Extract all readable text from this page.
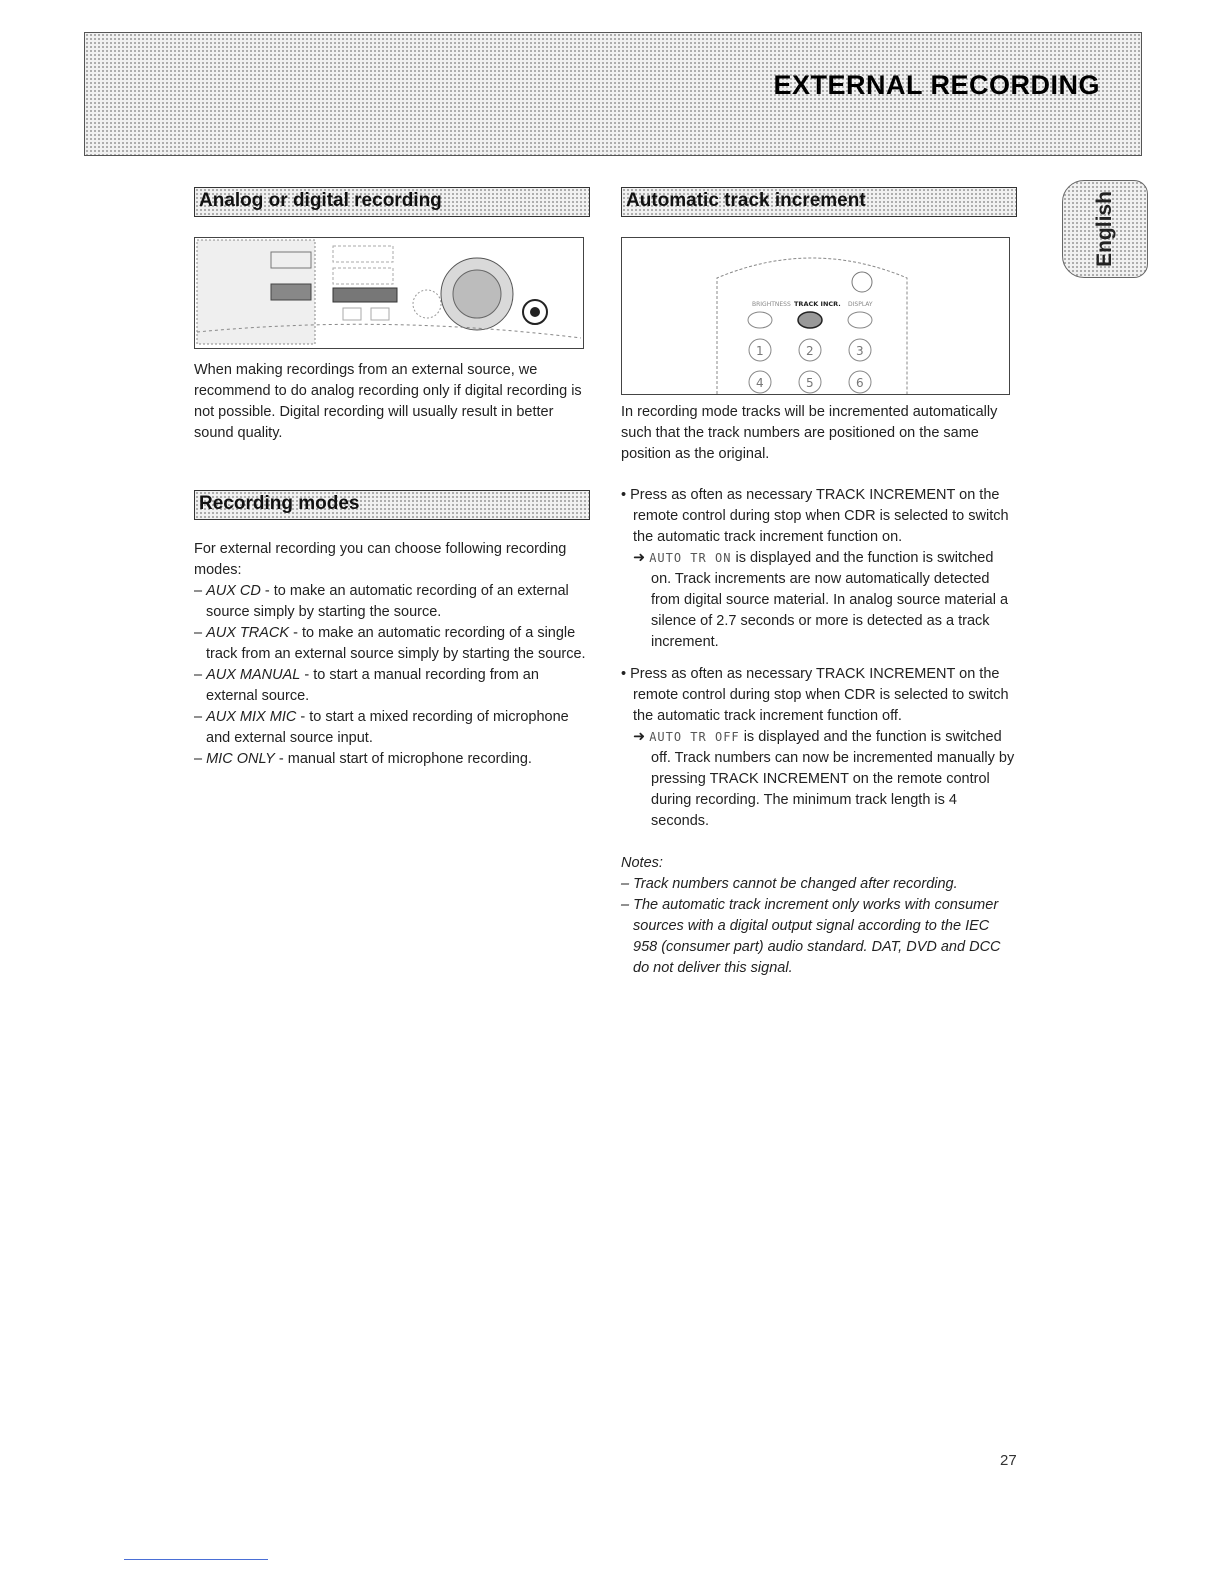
EXTERNAL RECORDING
English
Analog or digital recording
When making recordings from an external source, we recommend to do analog recording only if digital recording is not possible. Digital recording will usually result in better sound quality.
Recording modes

For external recording you can choose following recording modes:

– AUX CD - to make an automatic recording of an external source simply by starting the source.

– AUX TRACK - to make an automatic recording of a single track from an external source simply by starting the source.

– AUX MANUAL - to start a manual recording from an external source.

– AUX MIX MIC - to start a mixed recording of microphone and external source input.

– MIC ONLY - manual start of microphone recording.

Automatic track increment
BRIGHTNESS TRACK INCR. DISPLAY
1	2	3
4	5	6
In recording mode tracks will be incremented automatically such that the track numbers are positioned on the same position as the original.

• Press as often as necessary TRACK INCREMENT on the remote control during stop when CDR is selected to switch the automatic track increment function on.

➜ AUTO TR ON is displayed and the function is switched on. Track increments are now automatically detected from digital source material. In analog source material a silence of 2.7 seconds or more is detected as a track increment.

• Press as often as necessary TRACK INCREMENT on the remote control during stop when CDR is selected to switch the automatic track increment function off.

➜ AUTO TR OFF is displayed and the function is switched off. Track numbers can now be incremented manually by pressing TRACK INCREMENT on the remote control during recording. The minimum track length is 4 seconds.

Notes:

– Track numbers cannot be changed after recording.

– The automatic track increment only works with consumer sources with a digital output signal according to the IEC 958 (consumer part) audio standard. DAT, DVD and DCC do not deliver this signal.

27
